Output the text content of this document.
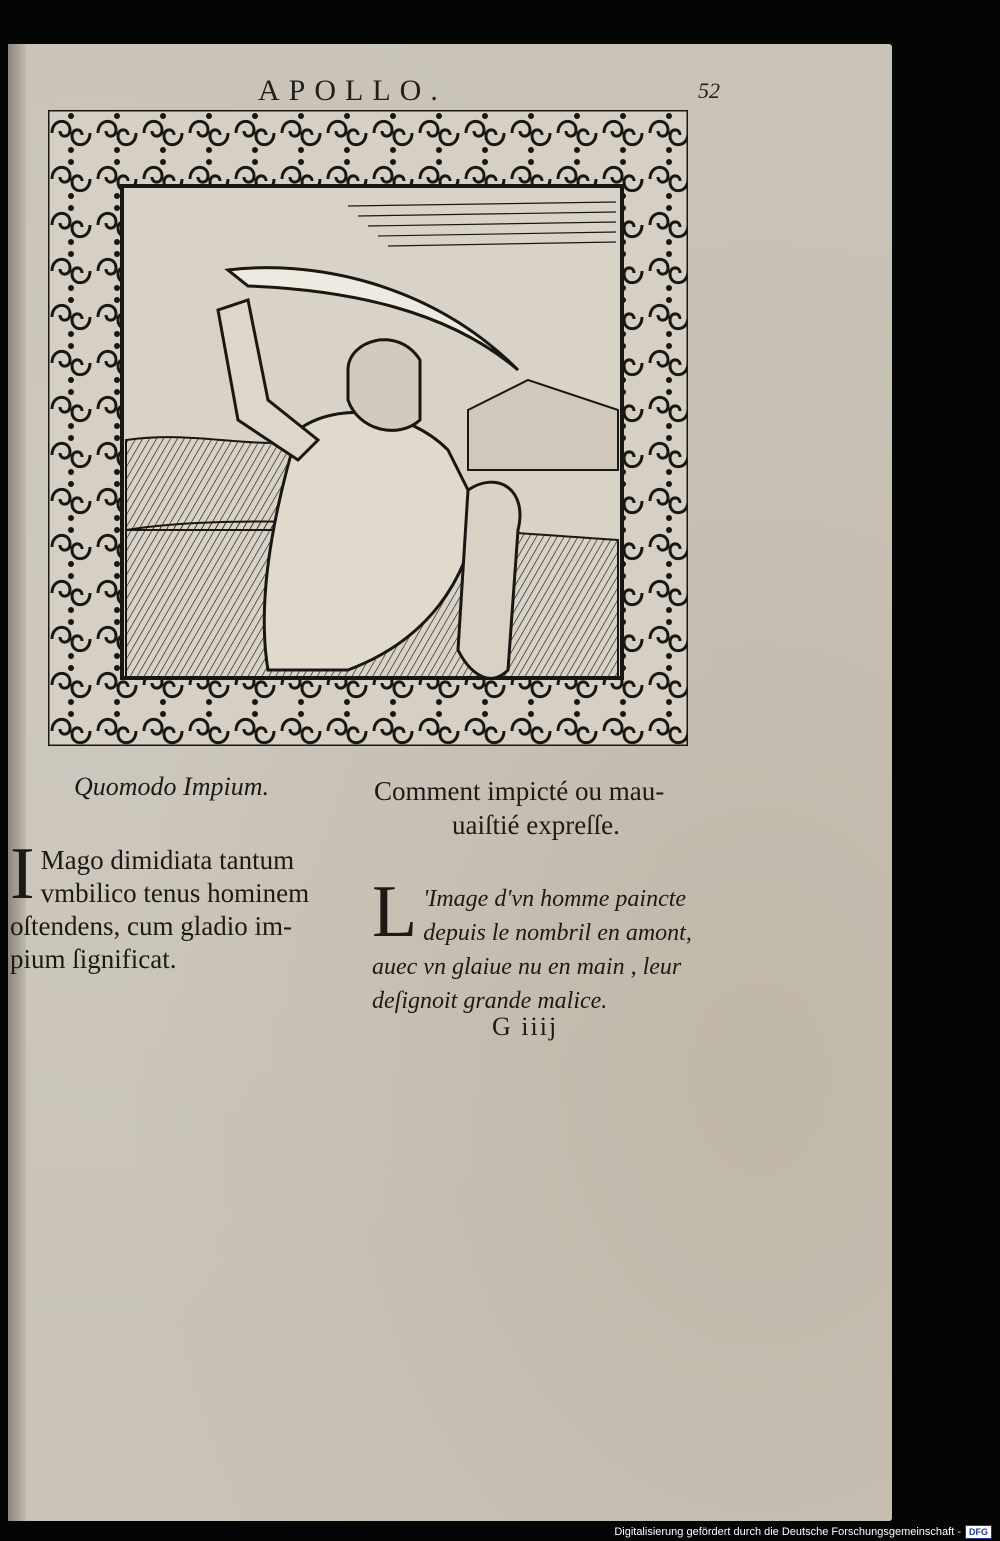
APOLLO.	52
Quomodo Impium.	Comment impicté ou mau-
uaiſtié expreſſe.
I Mago dimidiata tantum
vmbilico tenus hominem
oſtendens, cum gladio im-
pium ſignificat.
L 'Image d'vn homme paincte
depuis le nombril en amont,
auec vn glaiue nu en main , leur
deſignoit grande malice.
G iiij
Digitalisierung gefördert durch die Deutsche Forschungsgemeinschaft - DFG
